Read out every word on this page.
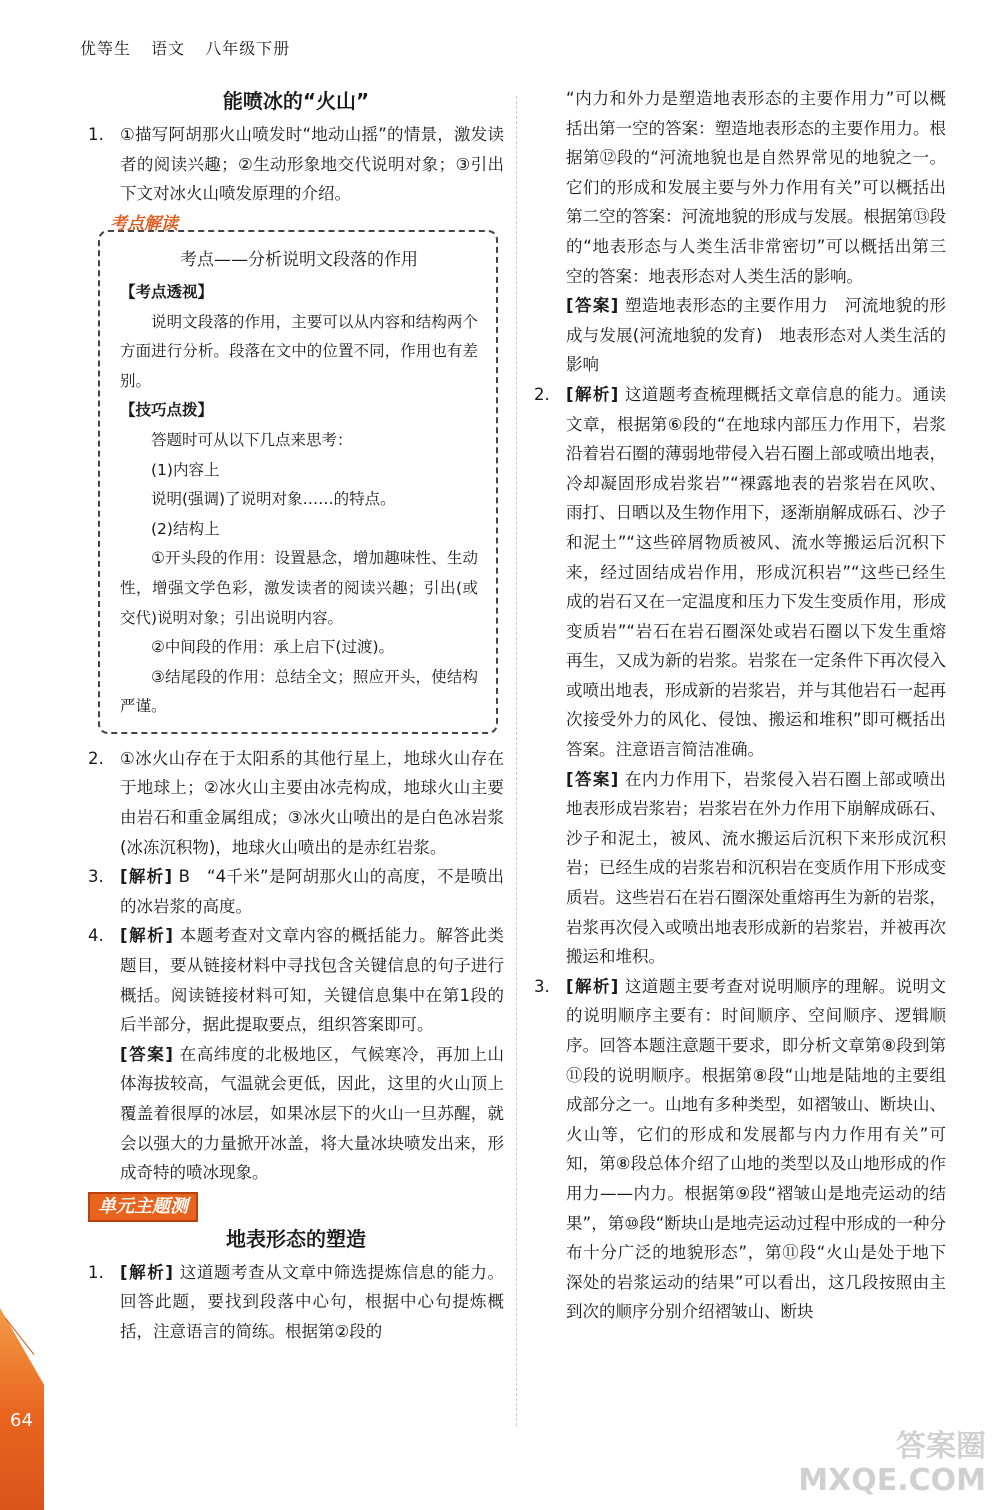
优等生 语文 八年级下册
能喷冰的“火山”
1. ①描写阿胡那火山喷发时“地动山摇”的情景，激发读者的阅读兴趣；②生动形象地交代说明对象；③引出下文对冰火山喷发原理的介绍。
考点解读
考点——分析说明文段落的作用
【考点透视】
说明文段落的作用，主要可以从内容和结构两个方面进行分析。段落在文中的位置不同，作用也有差别。
【技巧点拨】
答题时可从以下几点来思考：
(1)内容上
说明(强调)了说明对象……的特点。
(2)结构上
①开头段的作用：设置悬念，增加趣味性、生动性，增强文学色彩，激发读者的阅读兴趣；引出(或交代)说明对象；引出说明内容。
②中间段的作用：承上启下(过渡)。
③结尾段的作用：总结全文；照应开头，使结构严谨。
2. ①冰火山存在于太阳系的其他行星上，地球火山存在于地球上；②冰火山主要由冰壳构成，地球火山主要由岩石和重金属组成；③冰火山喷出的是白色冰岩浆(冰冻沉积物)，地球火山喷出的是赤红岩浆。
3. [解析] B　“4千米”是阿胡那火山的高度，不是喷出的冰岩浆的高度。
4. [解析] 本题考查对文章内容的概括能力。解答此类题目，要从链接材料中寻找包含关键信息的句子进行概括。阅读链接材料可知，关键信息集中在第1段的后半部分，据此提取要点，组织答案即可。
[答案] 在高纬度的北极地区，气候寒冷，再加上山体海拔较高，气温就会更低，因此，这里的火山顶上覆盖着很厚的冰层，如果冰层下的火山一旦苏醒，就会以强大的力量掀开冰盖，将大量冰块喷发出来，形成奇特的喷冰现象。
单元主题测
地表形态的塑造
1. [解析] 这道题考查从文章中筛选提炼信息的能力。回答此题，要找到段落中心句，根据中心句提炼概括，注意语言的简练。根据第②段的
“内力和外力是塑造地表形态的主要作用力”可以概括出第一空的答案：塑造地表形态的主要作用力。根据第⑫段的“河流地貌也是自然界常见的地貌之一。它们的形成和发展主要与外力作用有关”可以概括出第二空的答案：河流地貌的形成与发展。根据第⑬段的“地表形态与人类生活非常密切”可以概括出第三空的答案：地表形态对人类生活的影响。
[答案] 塑造地表形态的主要作用力　河流地貌的形成与发展(河流地貌的发育)　地表形态对人类生活的影响
2. [解析] 这道题考查梳理概括文章信息的能力。通读文章，根据第⑥段的“在地球内部压力作用下，岩浆沿着岩石圈的薄弱地带侵入岩石圈上部或喷出地表，冷却凝固形成岩浆岩”“裸露地表的岩浆岩在风吹、雨打、日晒以及生物作用下，逐渐崩解成砾石、沙子和泥土”“这些碎屑物质被风、流水等搬运后沉积下来，经过固结成岩作用，形成沉积岩”“这些已经生成的岩石又在一定温度和压力下发生变质作用，形成变质岩”“岩石在岩石圈深处或岩石圈以下发生重熔再生，又成为新的岩浆。岩浆在一定条件下再次侵入或喷出地表，形成新的岩浆岩，并与其他岩石一起再次接受外力的风化、侵蚀、搬运和堆积”即可概括出答案。注意语言简洁准确。
[答案] 在内力作用下，岩浆侵入岩石圈上部或喷出地表形成岩浆岩；岩浆岩在外力作用下崩解成砾石、沙子和泥土，被风、流水搬运后沉积下来形成沉积岩；已经生成的岩浆岩和沉积岩在变质作用下形成变质岩。这些岩石在岩石圈深处重熔再生为新的岩浆，岩浆再次侵入或喷出地表形成新的岩浆岩，并被再次搬运和堆积。
3. [解析] 这道题主要考查对说明顺序的理解。说明文的说明顺序主要有：时间顺序、空间顺序、逻辑顺序。回答本题注意题干要求，即分析文章第⑧段到第⑪段的说明顺序。根据第⑧段“山地是陆地的主要组成部分之一。山地有多种类型，如褶皱山、断块山、火山等，它们的形成和发展都与内力作用有关”可知，第⑧段总体介绍了山地的类型以及山地形成的作用力——内力。根据第⑨段“褶皱山是地壳运动的结果”，第⑩段“断块山是地壳运动过程中形成的一种分布十分广泛的地貌形态”，第⑪段“火山是处于地下深处的岩浆运动的结果”可以看出，这几段按照由主到次的顺序分别介绍褶皱山、断块
64
答案圈
MXQE.COM
